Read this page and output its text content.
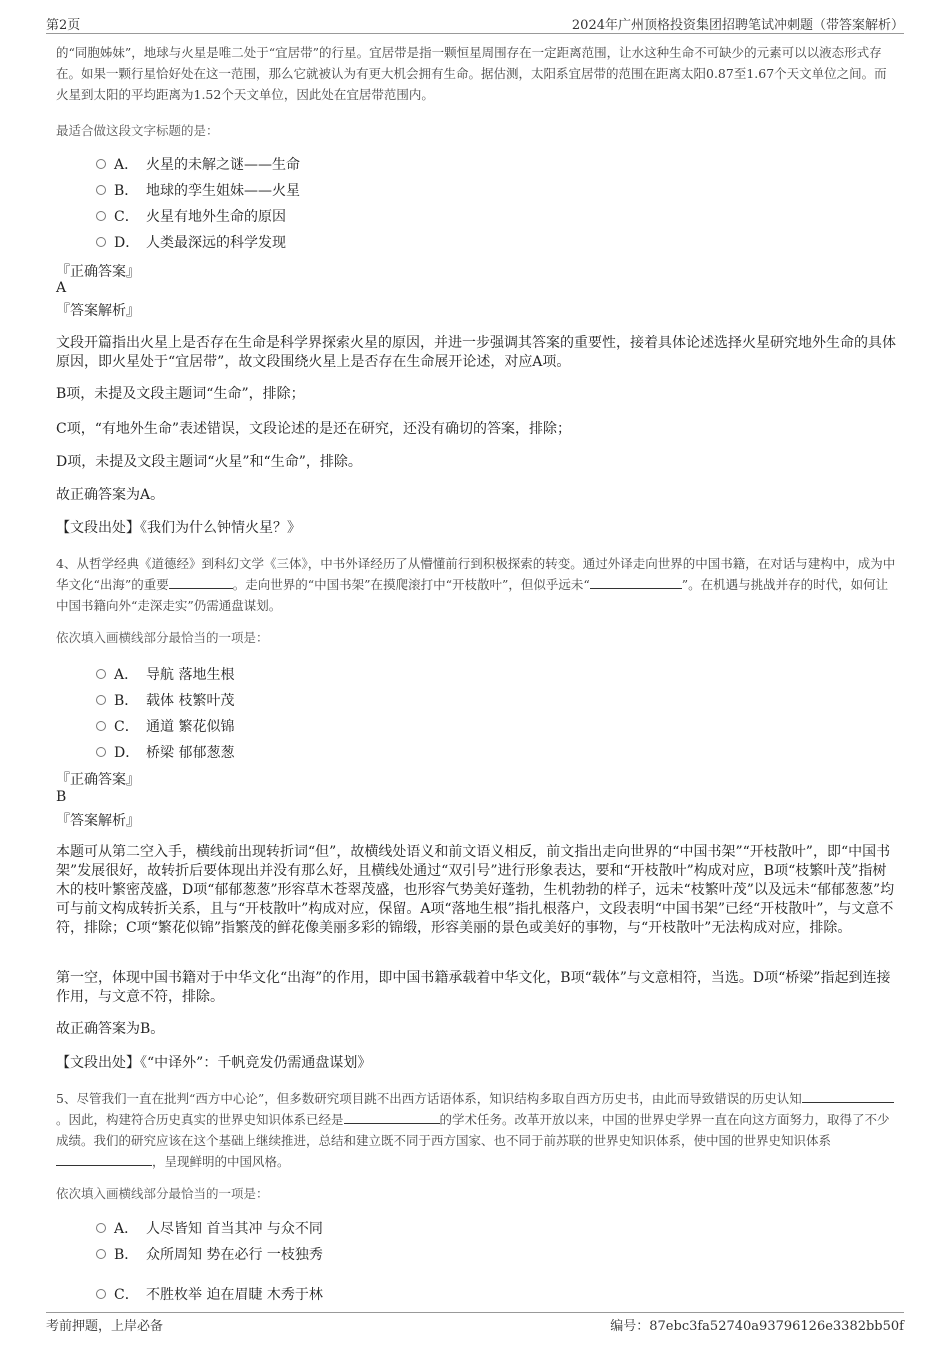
第2页	2024年广州顶格投资集团招聘笔试冲刺题（带答案解析）

的“同胞姊妹”，地球与火星是唯二处于“宜居带”的行星。宜居带是指一颗恒星周围存在一定距离范围，让水这种生命不可缺少的元素可以以液态形式存在。如果一颗行星恰好处在这一范围，那么它就被认为有更大机会拥有生命。据估测，太阳系宜居带的范围在距离太阳0.87至1.67个天文单位之间。而火星到太阳的平均距离为1.52个天文单位，因此处在宜居带范围内。

最适合做这段文字标题的是：
A． 火星的未解之谜——生命
B． 地球的孪生姐妹——火星
C． 火星有地外生命的原因
D． 人类最深远的科学发现
『正确答案』
A
『答案解析』

文段开篇指出火星上是否存在生命是科学界探索火星的原因，并进一步强调其答案的重要性，接着具体论述选择火星研究地外生命的具体原因，即火星处于“宜居带”，故文段围绕火星上是否存在生命展开论述，对应A项。

B项，未提及文段主题词“生命”，排除；

C项，“有地外生命”表述错误，文段论述的是还在研究，还没有确切的答案，排除；

D项，未提及文段主题词“火星”和“生命”，排除。

故正确答案为A。

【文段出处】《我们为什么钟情火星？》

4、从哲学经典《道德经》到科幻文学《三体》，中书外译经历了从懵懂前行到积极探索的转变。通过外译走向世界的中国书籍，在对话与建构中，成为中华文化“出海”的重要	。走向世界的“中国书架”在摸爬滚打中“开枝散叶”，但似乎远未“	”。在机遇与挑战并存的时代，如何让中国书籍向外“走深走实”仍需通盘谋划。

依次填入画横线部分最恰当的一项是：
A． 导航 落地生根
B． 载体 枝繁叶茂
C． 通道 繁花似锦
D． 桥梁 郁郁葱葱
『正确答案』
B
『答案解析』

本题可从第二空入手，横线前出现转折词“但”，故横线处语义和前文语义相反，前文指出走向世界的“中国书架”“开枝散叶”，即“中国书架”发展很好，故转折后要体现出并没有那么好，且横线处通过“双引号”进行形象表达，要和“开枝散叶”构成对应，B项“枝繁叶茂”指树木的枝叶繁密茂盛，D项“郁郁葱葱”形容草木苍翠茂盛，也形容气势美好蓬勃，生机勃勃的样子，远未“枝繁叶茂”以及远未“郁郁葱葱”均可与前文构成转折关系，且与“开枝散叶”构成对应，保留。A项“落地生根”指扎根落户，文段表明“中国书架”已经“开枝散叶”，与文意不符，排除；C项“繁花似锦”指繁茂的鲜花像美丽多彩的锦缎，形容美丽的景色或美好的事物，与“开枝散叶”无法构成对应，排除。

第一空，体现中国书籍对于中华文化“出海”的作用，即中国书籍承载着中华文化，B项“载体”与文意相符，当选。D项“桥梁”指起到连接作用，与文意不符，排除。

故正确答案为B。

【文段出处】《“中译外”：千帆竞发仍需通盘谋划》

5、尽管我们一直在批判“西方中心论”，但多数研究项目跳不出西方话语体系，知识结构多取自西方历史书，由此而导致错误的历史认知。因此，构建符合历史真实的世界史知识体系已经是	的学术任务。改革开放以来，中国的世界史学界一直在向这方面努力，取得了不少成绩。我们的研究应该在这个基础上继续推进，总结和建立既不同于西方国家、也不同于前苏联的世界史知识体系，使中国的世界史知识体系，呈现鲜明的中国风格。

依次填入画横线部分最恰当的一项是：
A． 人尽皆知 首当其冲 与众不同
B． 众所周知 势在必行 一枝独秀
C． 不胜枚举 迫在眉睫 木秀于林
考前押题，上岸必备	编号：87ebc3fa52740a93796126e3382bb50f
